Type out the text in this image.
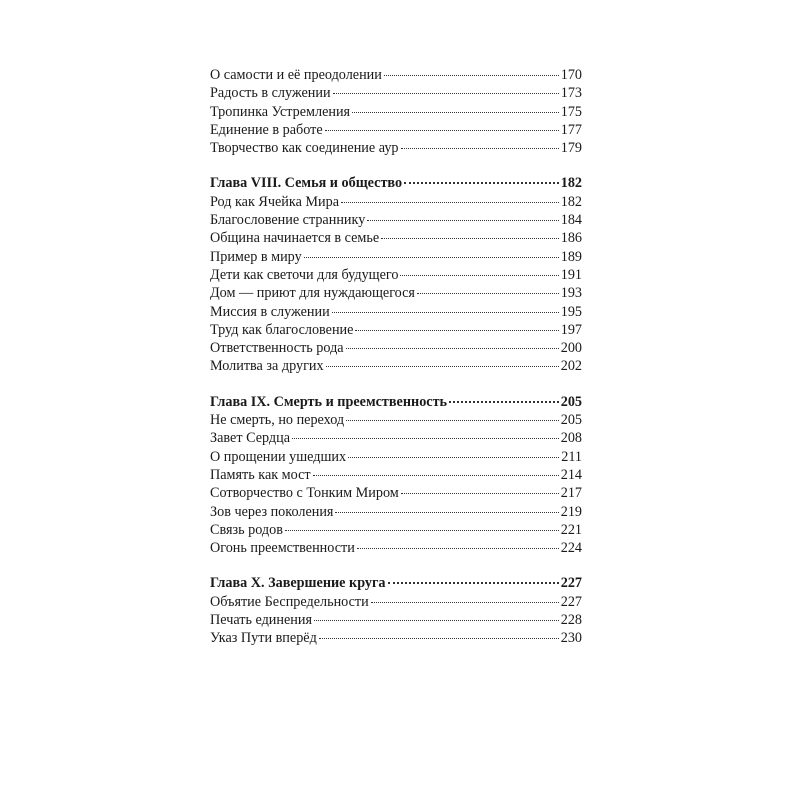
О самости и её преодолении	170
Радость в служении	173
Тропинка Устремления	175
Единение в работе	177
Творчество как соединение аур	179
Глава VIII. Семья и общество	182
Род как Ячейка Мира	182
Благословение страннику	184
Община начинается в семье	186
Пример в миру	189
Дети как светочи для будущего	191
Дом — приют для нуждающегося	193
Миссия в служении	195
Труд как благословение	197
Ответственность рода	200
Молитва за других	202
Глава IX. Смерть и преемственность	205
Не смерть, но переход	205
Завет Сердца	208
О прощении ушедших	211
Память как мост	214
Сотворчество с Тонким Миром	217
Зов через поколения	219
Связь родов	221
Огонь преемственности	224
Глава X. Завершение круга	227
Объятие Беспредельности	227
Печать единения	228
Указ Пути вперёд	230
